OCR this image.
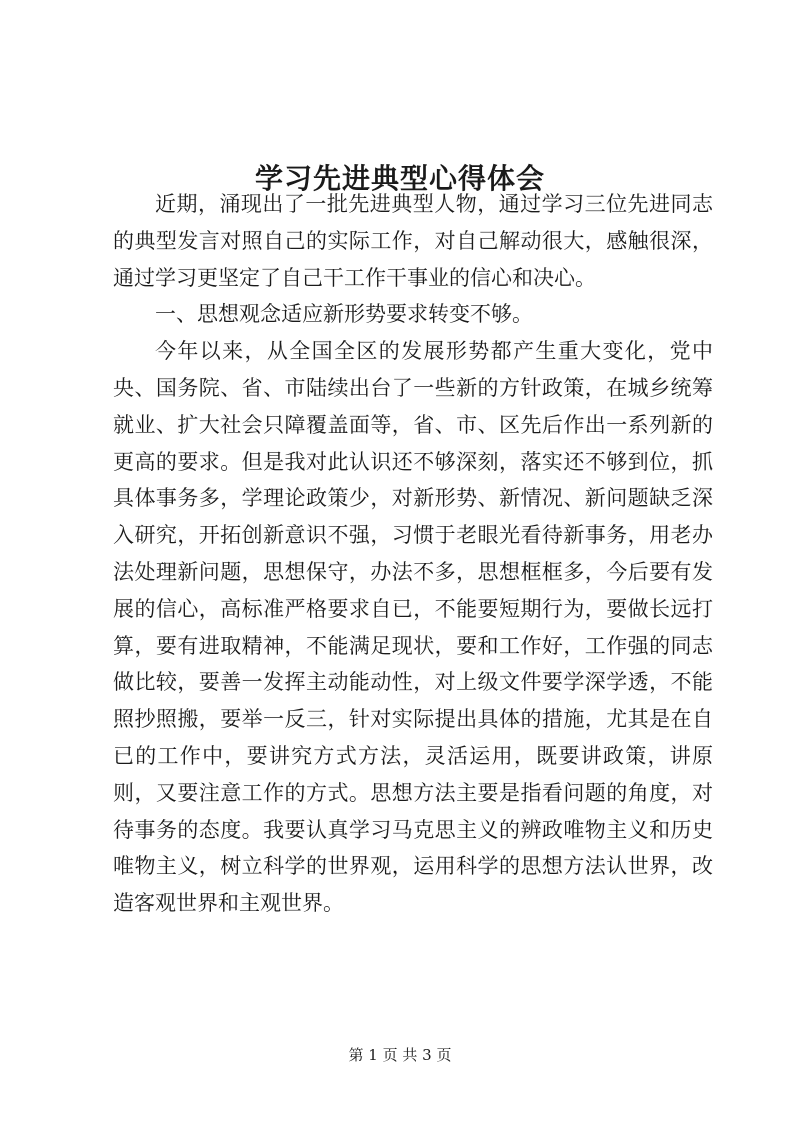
学习先进典型心得体会

近期，涌现出了一批先进典型人物，通过学习三位先进同志的典型发言对照自己的实际工作，对自己解动很大，感触很深，通过学习更坚定了自己干工作干事业的信心和决心。

一、思想观念适应新形势要求转变不够。

今年以来，从全国全区的发展形势都产生重大变化，党中央、国务院、省、市陆续出台了一些新的方针政策，在城乡统筹就业、扩大社会只障覆盖面等，省、市、区先后作出一系列新的更高的要求。但是我对此认识还不够深刻，落实还不够到位，抓具体事务多，学理论政策少，对新形势、新情况、新问题缺乏深入研究，开拓创新意识不强，习惯于老眼光看待新事务，用老办法处理新问题，思想保守，办法不多，思想框框多，今后要有发展的信心，高标准严格要求自已，不能要短期行为，要做长远打算，要有进取精神，不能满足现状，要和工作好，工作强的同志做比较，要善一发挥主动能动性，对上级文件要学深学透，不能照抄照搬，要举一反三，针对实际提出具体的措施，尤其是在自已的工作中，要讲究方式方法，灵活运用，既要讲政策，讲原则，又要注意工作的方式。思想方法主要是指看问题的角度，对待事务的态度。我要认真学习马克思主义的辨政唯物主义和历史唯物主义，树立科学的世界观，运用科学的思想方法认世界，改造客观世界和主观世界。

第 1 页 共 3 页
